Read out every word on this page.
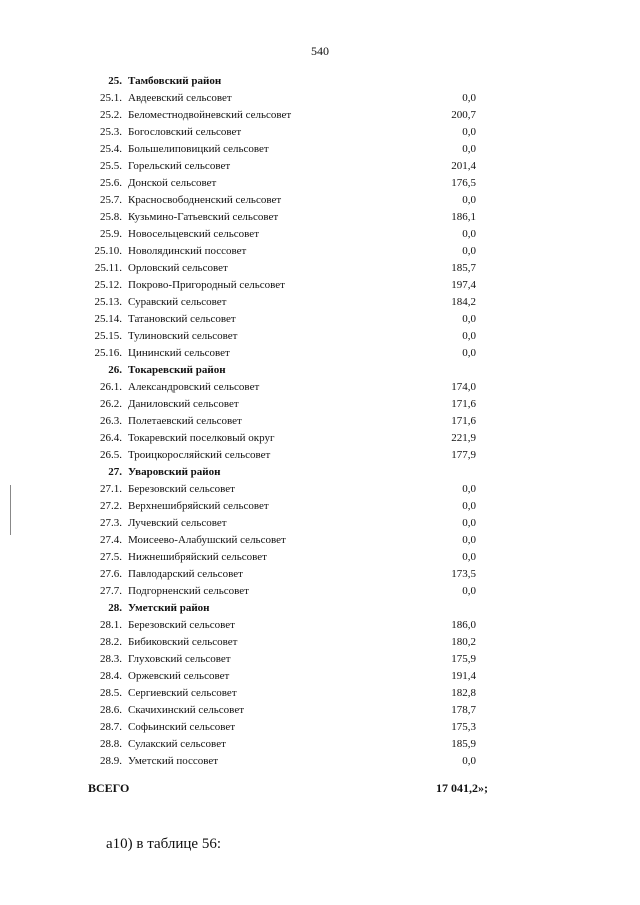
540
25. Тамбовский район
25.1. Авдеевский сельсовет	0,0
25.2. Беломестнодвойневский сельсовет	200,7
25.3. Богословский сельсовет	0,0
25.4. Большелиповицкий сельсовет	0,0
25.5. Горельский сельсовет	201,4
25.6. Донской сельсовет	176,5
25.7. Красносвободненский сельсовет	0,0
25.8. Кузьмино-Гатьевский сельсовет	186,1
25.9. Новосельцевский сельсовет	0,0
25.10. Новолядинский поссовет	0,0
25.11. Орловский сельсовет	185,7
25.12. Покрово-Пригородный сельсовет	197,4
25.13. Суравский сельсовет	184,2
25.14. Татановский сельсовет	0,0
25.15. Тулиновский сельсовет	0,0
25.16. Цининский сельсовет	0,0
26. Токаревский район
26.1. Александровский сельсовет	174,0
26.2. Даниловский сельсовет	171,6
26.3. Полетаевский сельсовет	171,6
26.4. Токаревский поселковый округ	221,9
26.5. Троицкоросляйский сельсовет	177,9
27. Уваровский район
27.1. Березовский сельсовет	0,0
27.2. Верхнешибряйский сельсовет	0,0
27.3. Лучевский сельсовет	0,0
27.4. Моисеево-Алабушский сельсовет	0,0
27.5. Нижнешибряйский сельсовет	0,0
27.6. Павлодарский сельсовет	173,5
27.7. Подгорненский сельсовет	0,0
28. Уметский район
28.1. Березовский сельсовет	186,0
28.2. Бибиковский сельсовет	180,2
28.3. Глуховский сельсовет	175,9
28.4. Оржевский сельсовет	191,4
28.5. Сергиевский сельсовет	182,8
28.6. Скачихинский сельсовет	178,7
28.7. Софьинский сельсовет	175,3
28.8. Сулакский сельсовет	185,9
28.9. Уметский поссовет	0,0
ВСЕГО	17 041,2»;
а10) в таблице 56:
